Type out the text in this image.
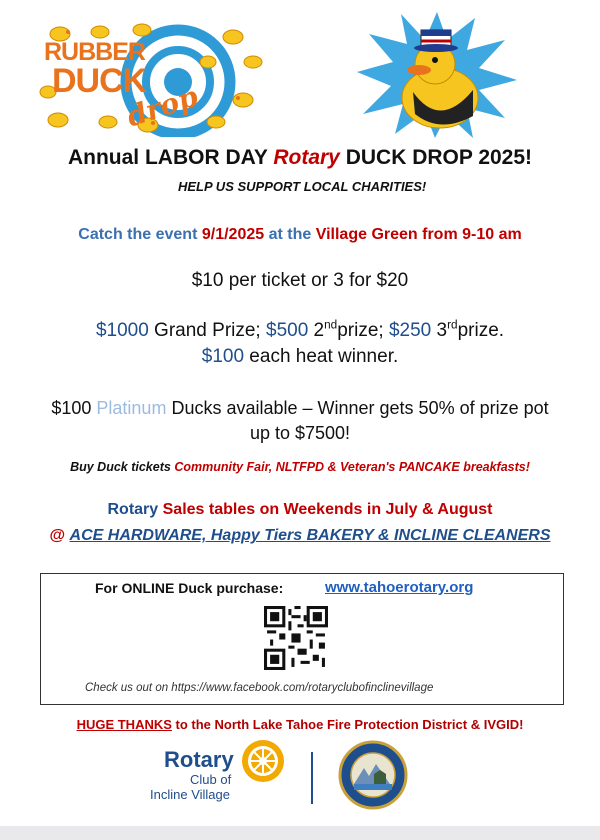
RUBBER
DUCK
drop
Annual LABOR DAY Rotary DUCK DROP 2025!
HELP US SUPPORT LOCAL CHARITIES!
Catch the event 9/1/2025 at the Village Green from 9-10 am
$10 per ticket or 3 for $20
$1000 Grand Prize; $500 2ndprize; $250 3rdprize.
$100 each heat winner.
$100 Platinum Ducks available – Winner gets 50% of prize pot
up to $7500!
Buy Duck tickets Community Fair, NLTFPD & Veteran's PANCAKE breakfasts!
Rotary Sales tables on Weekends in July & August
@ ACE HARDWARE, Happy Tiers BAKERY & INCLINE CLEANERS
For ONLINE Duck purchase:	www.tahoerotary.org
Check us out on https://www.facebook.com/rotaryclubofinclinevillage
HUGE THANKS to the North Lake Tahoe Fire Protection District & IVGID!
Rotary
Club of
Incline Village
